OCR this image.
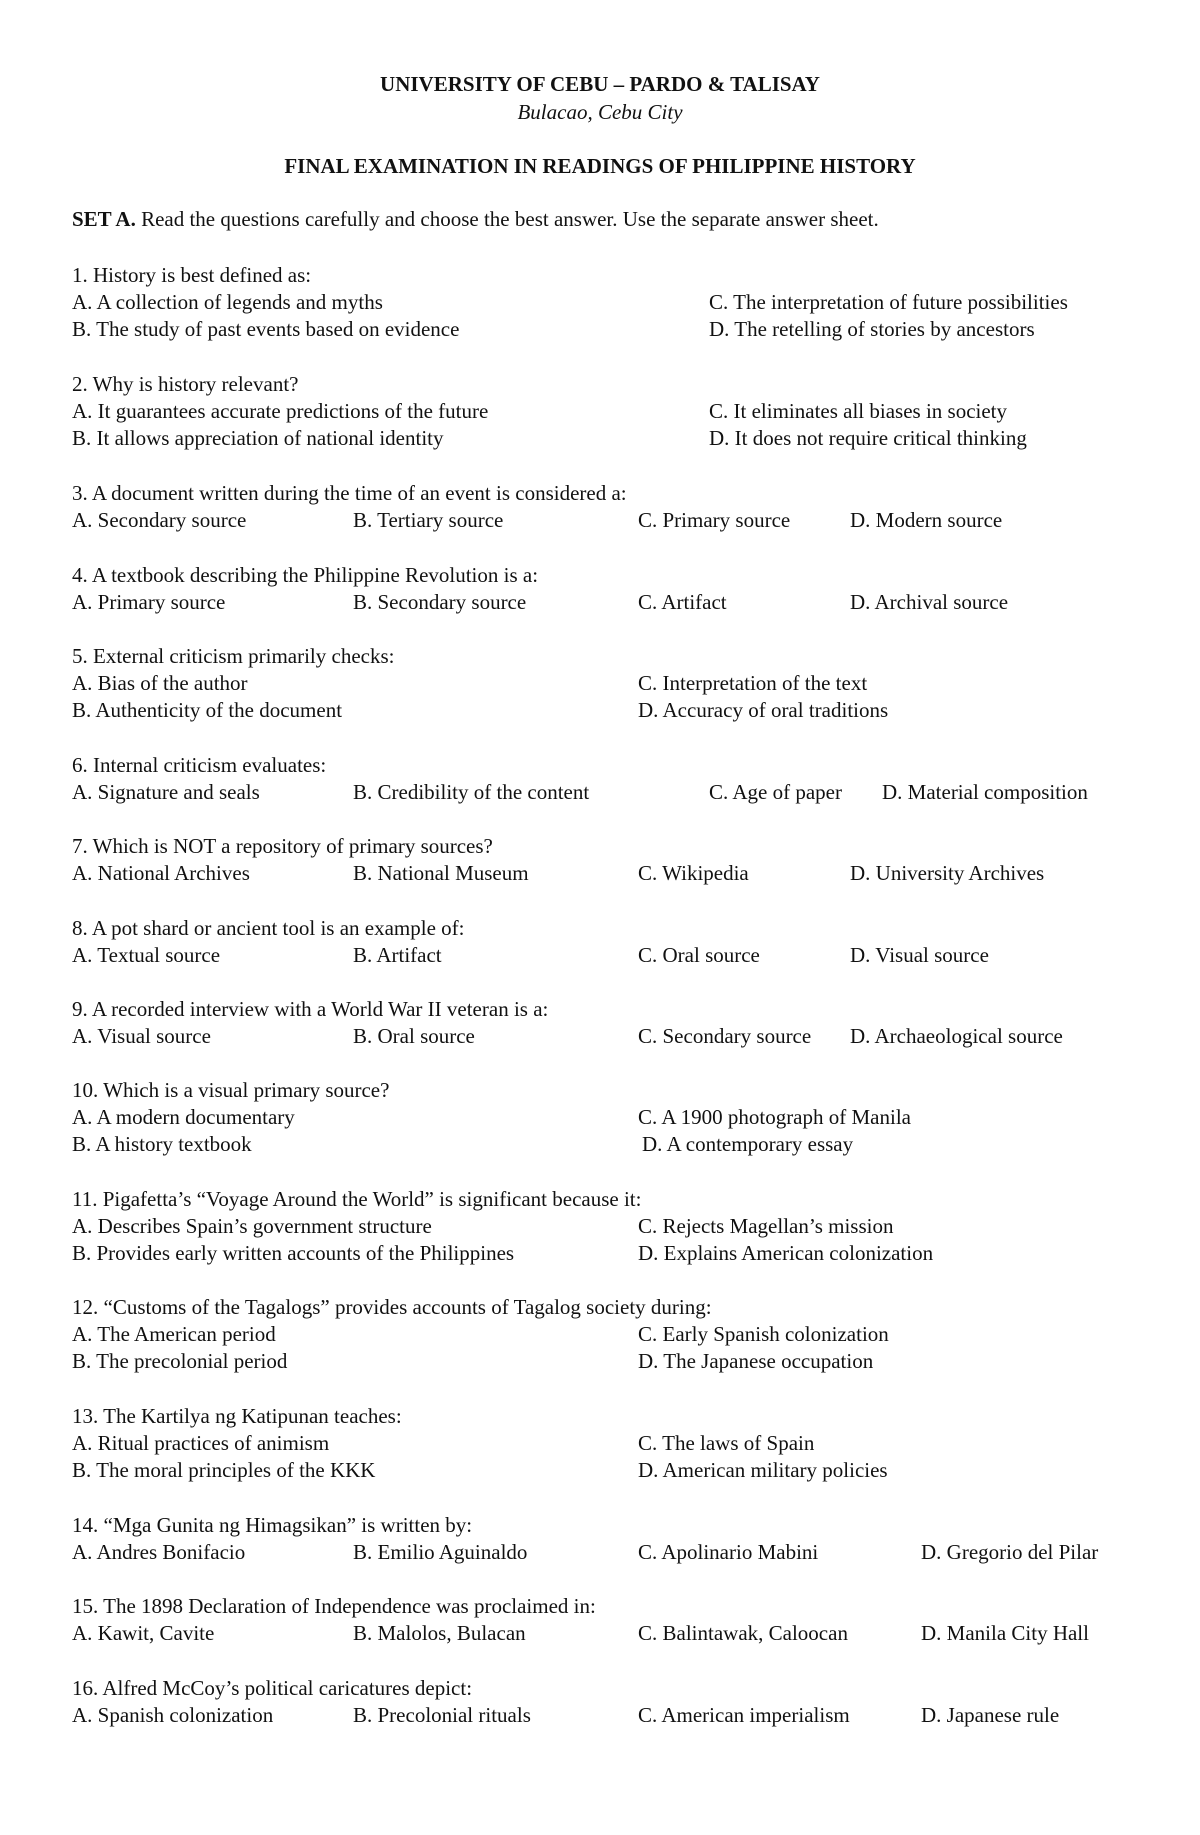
UNIVERSITY OF CEBU – PARDO & TALISAY
Bulacao, Cebu City
FINAL EXAMINATION IN READINGS OF PHILIPPINE HISTORY
SET A. Read the questions carefully and choose the best answer. Use the separate answer sheet.
1. History is best defined as:
A. A collection of legends and myths
B. The study of past events based on evidence
C. The interpretation of future possibilities
D. The retelling of stories by ancestors
2. Why is history relevant?
A. It guarantees accurate predictions of the future
B. It allows appreciation of national identity
C. It eliminates all biases in society
D. It does not require critical thinking
3. A document written during the time of an event is considered a:
A. Secondary source	B. Tertiary source	C. Primary source	D. Modern source
4. A textbook describing the Philippine Revolution is a:
A. Primary source	B. Secondary source	C. Artifact	D. Archival source
5. External criticism primarily checks:
A. Bias of the author
B. Authenticity of the document
C. Interpretation of the text
D. Accuracy of oral traditions
6. Internal criticism evaluates:
A. Signature and seals	B. Credibility of the content	C. Age of paper D. Material composition
7. Which is NOT a repository of primary sources?
A. National Archives	B. National Museum	C. Wikipedia	D. University Archives
8. A pot shard or ancient tool is an example of:
A. Textual source	B. Artifact	C. Oral source	D. Visual source
9. A recorded interview with a World War II veteran is a:
A. Visual source	B. Oral source	C. Secondary source D. Archaeological source
10. Which is a visual primary source?
A. A modern documentary
B. A history textbook
C. A 1900 photograph of Manila
D. A contemporary essay
11. Pigafetta’s “Voyage Around the World” is significant because it:
A. Describes Spain’s government structure
B. Provides early written accounts of the Philippines
C. Rejects Magellan’s mission
D. Explains American colonization
12. “Customs of the Tagalogs” provides accounts of Tagalog society during:
A. The American period
B. The precolonial period
C. Early Spanish colonization
D. The Japanese occupation
13. The Kartilya ng Katipunan teaches:
A. Ritual practices of animism
B. The moral principles of the KKK
C. The laws of Spain
D. American military policies
14. “Mga Gunita ng Himagsikan” is written by:
A. Andres Bonifacio	B. Emilio Aguinaldo	C. Apolinario Mabini	D. Gregorio del Pilar
15. The 1898 Declaration of Independence was proclaimed in:
A. Kawit, Cavite	B. Malolos, Bulacan	C. Balintawak, Caloocan	D. Manila City Hall
16. Alfred McCoy’s political caricatures depict:
A. Spanish colonization	B. Precolonial rituals	C. American imperialism	D. Japanese rule
